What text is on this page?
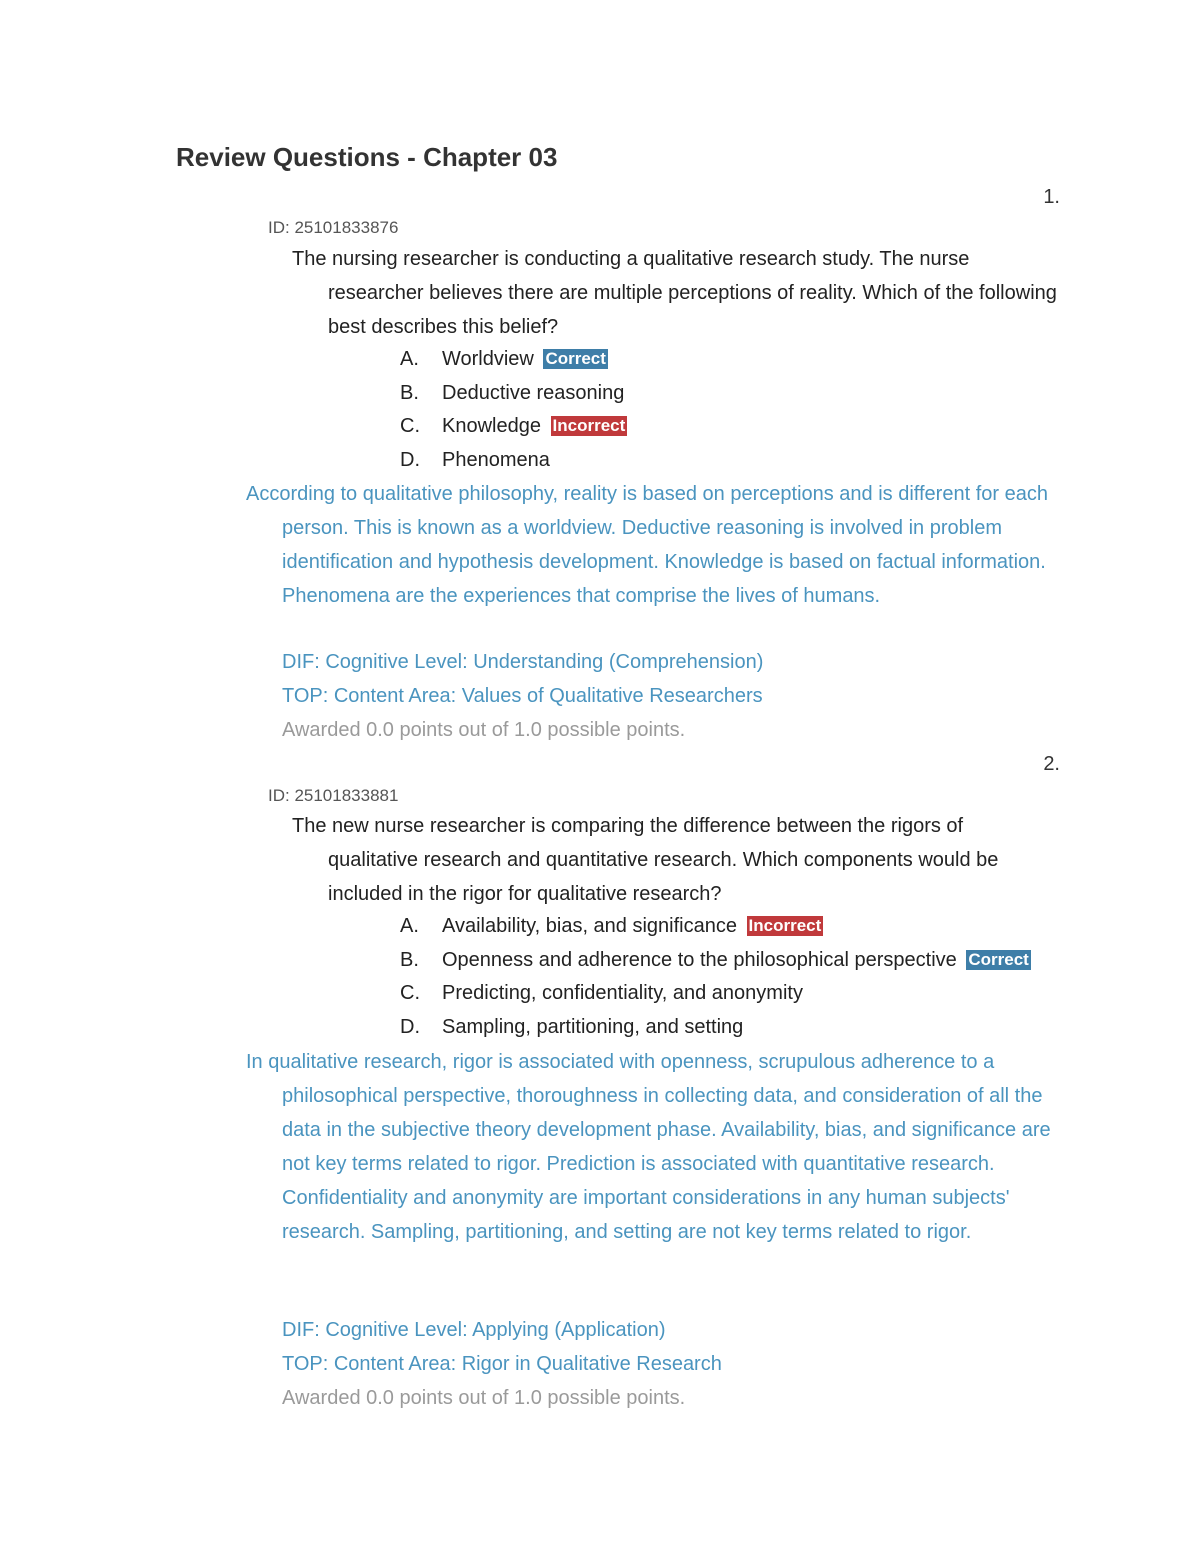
Review Questions - Chapter 03
1.
ID: 25101833876

The nursing researcher is conducting a qualitative research study. The nurse researcher believes there are multiple perceptions of reality. Which of the following best describes this belief?

A. Worldview Correct
B. Deductive reasoning
C. Knowledge Incorrect
D. Phenomena

According to qualitative philosophy, reality is based on perceptions and is different for each person. This is known as a worldview. Deductive reasoning is involved in problem identification and hypothesis development. Knowledge is based on factual information. Phenomena are the experiences that comprise the lives of humans.

DIF: Cognitive Level: Understanding (Comprehension)
TOP: Content Area: Values of Qualitative Researchers
Awarded 0.0 points out of 1.0 possible points.
2.
ID: 25101833881

The new nurse researcher is comparing the difference between the rigors of qualitative research and quantitative research. Which components would be included in the rigor for qualitative research?

A. Availability, bias, and significance Incorrect
B. Openness and adherence to the philosophical perspective Correct
C. Predicting, confidentiality, and anonymity
D. Sampling, partitioning, and setting

In qualitative research, rigor is associated with openness, scrupulous adherence to a philosophical perspective, thoroughness in collecting data, and consideration of all the data in the subjective theory development phase. Availability, bias, and significance are not key terms related to rigor. Prediction is associated with quantitative research. Confidentiality and anonymity are important considerations in any human subjects' research. Sampling, partitioning, and setting are not key terms related to rigor.

DIF: Cognitive Level: Applying (Application)
TOP: Content Area: Rigor in Qualitative Research
Awarded 0.0 points out of 1.0 possible points.
